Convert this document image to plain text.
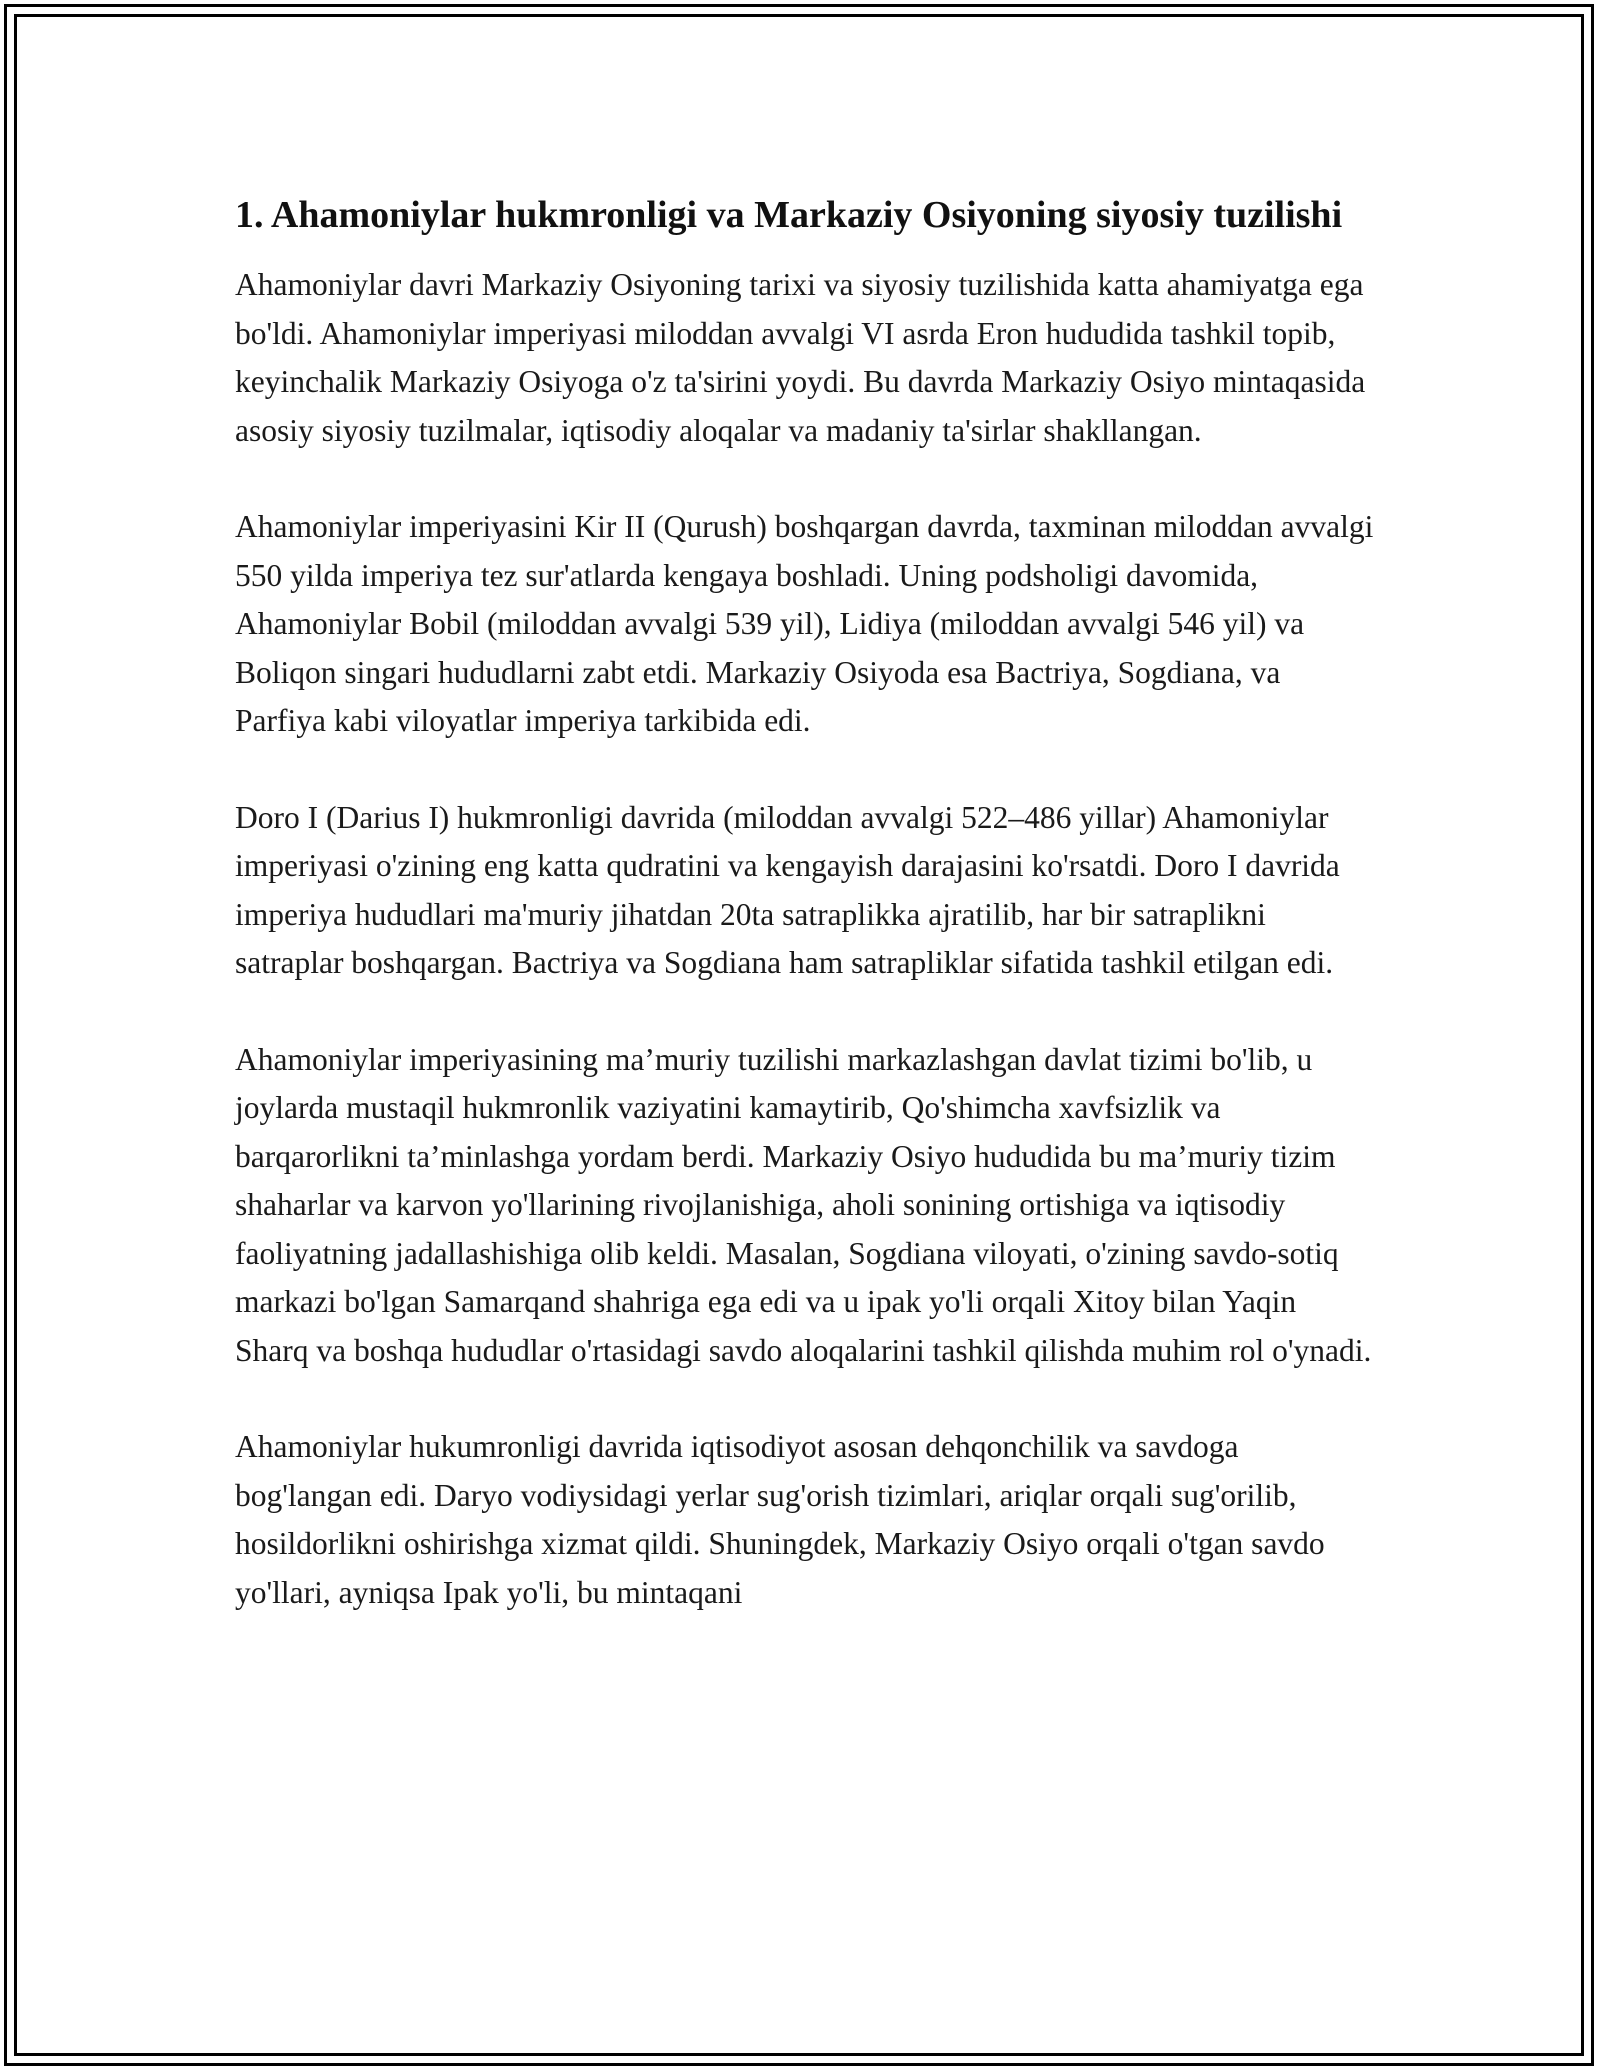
1. Ahamoniylar hukmronligi va Markaziy Osiyoning siyosiy tuzilishi

Ahamoniylar davri Markaziy Osiyoning tarixi va siyosiy tuzilishida katta ahamiyatga ega bo'ldi. Ahamoniylar imperiyasi miloddan avvalgi VI asrda Eron hududida tashkil topib, keyinchalik Markaziy Osiyoga o'z ta'sirini yoydi. Bu davrda Markaziy Osiyo mintaqasida asosiy siyosiy tuzilmalar, iqtisodiy aloqalar va madaniy ta'sirlar shakllangan.

Ahamoniylar imperiyasini Kir II (Qurush) boshqargan davrda, taxminan miloddan avvalgi 550 yilda imperiya tez sur'atlarda kengaya boshladi. Uning podsholigi davomida, Ahamoniylar Bobil (miloddan avvalgi 539 yil), Lidiya (miloddan avvalgi 546 yil) va Boliqon singari hududlarni zabt etdi. Markaziy Osiyoda esa Bactriya, Sogdiana, va Parfiya kabi viloyatlar imperiya tarkibida edi.

Doro I (Darius I) hukmronligi davrida (miloddan avvalgi 522–486 yillar) Ahamoniylar imperiyasi o'zining eng katta qudratini va kengayish darajasini ko'rsatdi. Doro I davrida imperiya hududlari ma'muriy jihatdan 20ta satraplikka ajratilib, har bir satraplikni satraplar boshqargan. Bactriya va Sogdiana ham satrapliklar sifatida tashkil etilgan edi.

Ahamoniylar imperiyasining ma’muriy tuzilishi markazlashgan davlat tizimi bo'lib, u joylarda mustaqil hukmronlik vaziyatini kamaytirib, Qo'shimcha xavfsizlik va barqarorlikni ta’minlashga yordam berdi. Markaziy Osiyo hududida bu ma’muriy tizim shaharlar va karvon yo'llarining rivojlanishiga, aholi sonining ortishiga va iqtisodiy faoliyatning jadallashishiga olib keldi. Masalan, Sogdiana viloyati, o'zining savdo-sotiq markazi bo'lgan Samarqand shahriga ega edi va u ipak yo'li orqali Xitoy bilan Yaqin Sharq va boshqa hududlar o'rtasidagi savdo aloqalarini tashkil qilishda muhim rol o'ynadi.

Ahamoniylar hukumronligi davrida iqtisodiyot asosan dehqonchilik va savdoga bog'langan edi. Daryo vodiysidagi yerlar sug'orish tizimlari, ariqlar orqali sug'orilib, hosildorlikni oshirishga xizmat qildi. Shuningdek, Markaziy Osiyo orqali o'tgan savdo yo'llari, ayniqsa Ipak yo'li, bu mintaqani
